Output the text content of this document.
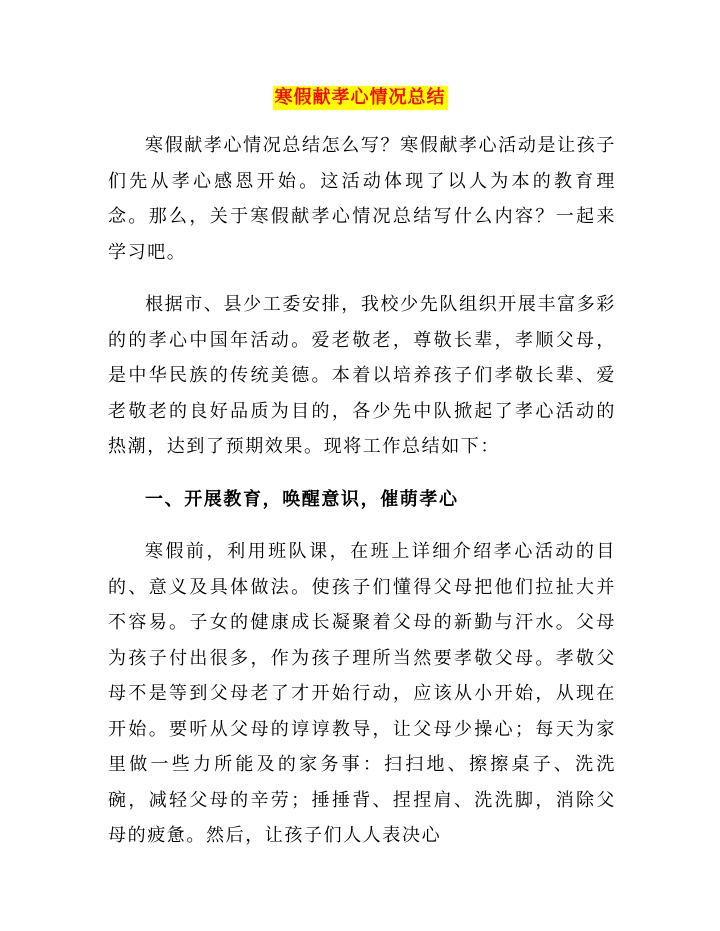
寒假献孝心情况总结

寒假献孝心情况总结怎么写？寒假献孝心活动是让孩子们先从孝心感恩开始。这活动体现了以人为本的教育理念。那么，关于寒假献孝心情况总结写什么内容？一起来学习吧。

根据市、县少工委安排，我校少先队组织开展丰富多彩的的孝心中国年活动。爱老敬老，尊敬长辈，孝顺父母，是中华民族的传统美德。本着以培养孩子们孝敬长辈、爱老敬老的良好品质为目的，各少先中队掀起了孝心活动的热潮，达到了预期效果。现将工作总结如下：

一、开展教育，唤醒意识，催萌孝心

寒假前，利用班队课，在班上详细介绍孝心活动的目的、意义及具体做法。使孩子们懂得父母把他们拉扯大并不容易。子女的健康成长凝聚着父母的新勤与汗水。父母为孩子付出很多，作为孩子理所当然要孝敬父母。孝敬父母不是等到父母老了才开始行动，应该从小开始，从现在开始。要听从父母的谆谆教导，让父母少操心；每天为家里做一些力所能及的家务事：扫扫地、擦擦桌子、洗洗碗，减轻父母的辛劳；捶捶背、捏捏肩、洗洗脚，消除父母的疲惫。然后，让孩子们人人表决心
